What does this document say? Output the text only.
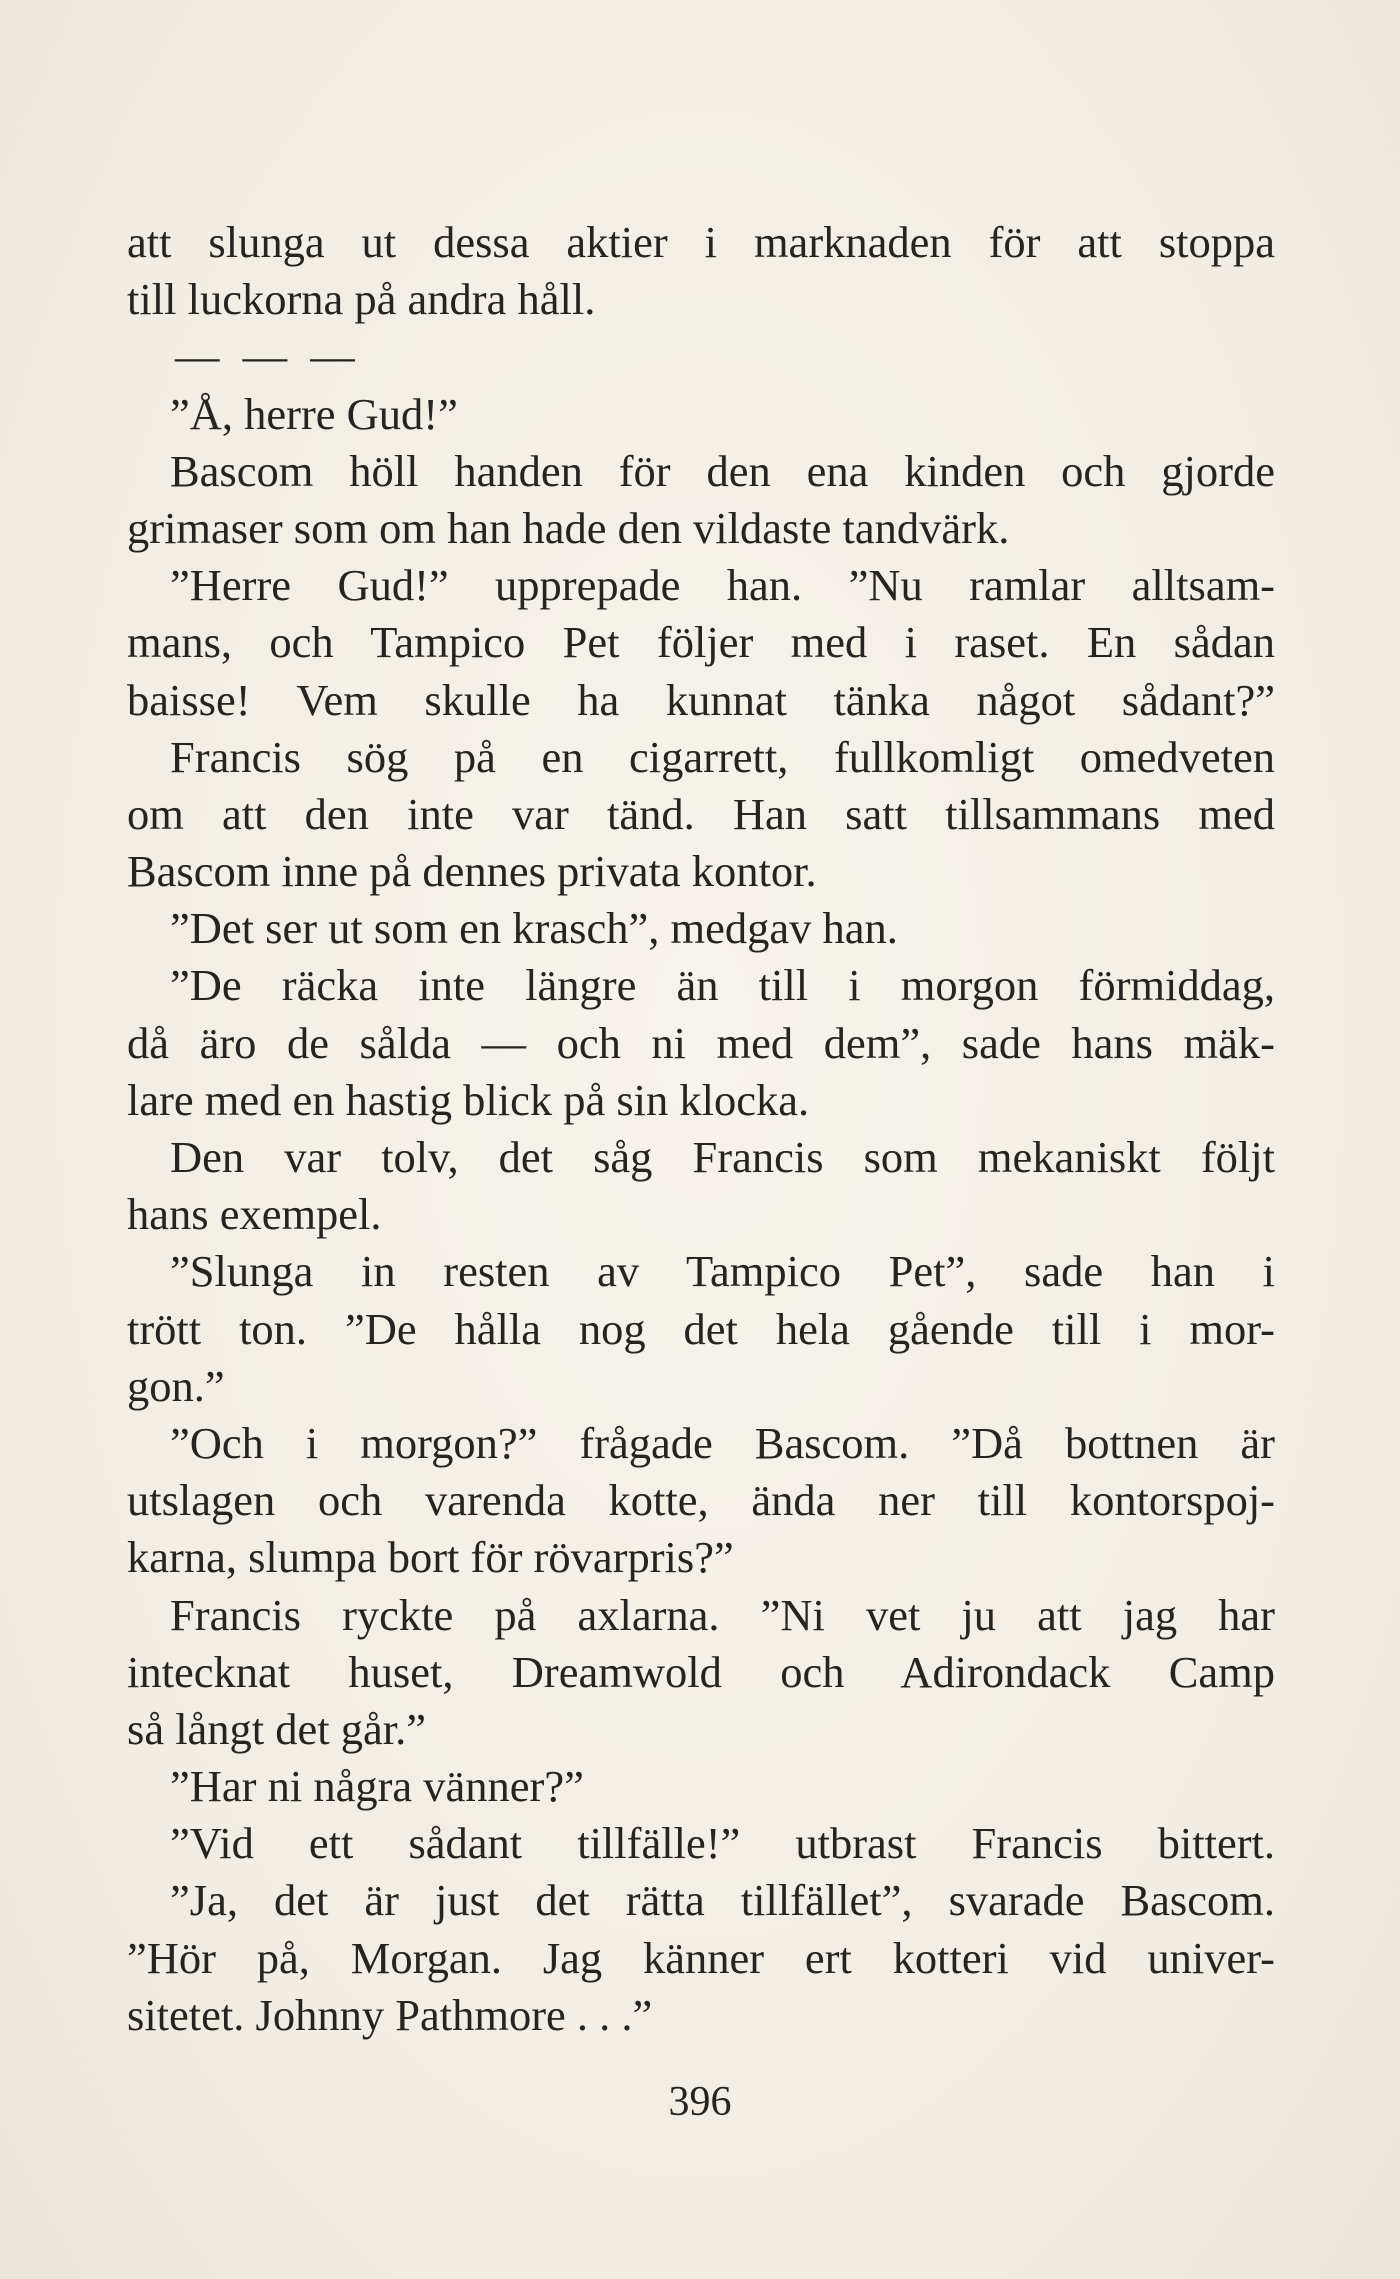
att slunga ut dessa aktier i marknaden för att stoppa
till luckorna på andra håll.
— — —
”Å, herre Gud!”
Bascom höll handen för den ena kinden och gjorde
grimaser som om han hade den vildaste tandvärk.
”Herre Gud!” upprepade han. ”Nu ramlar alltsam-
mans, och Tampico Pet följer med i raset. En sådan
baisse! Vem skulle ha kunnat tänka något sådant?”
Francis sög på en cigarrett, fullkomligt omedveten
om att den inte var tänd. Han satt tillsammans med
Bascom inne på dennes privata kontor.
”Det ser ut som en krasch”, medgav han.
”De räcka inte längre än till i morgon förmiddag,
då äro de sålda — och ni med dem”, sade hans mäk-
lare med en hastig blick på sin klocka.
Den var tolv, det såg Francis som mekaniskt följt
hans exempel.
”Slunga in resten av Tampico Pet”, sade han i
trött ton. ”De hålla nog det hela gående till i mor-
gon.”
”Och i morgon?” frågade Bascom. ”Då bottnen är
utslagen och varenda kotte, ända ner till kontorspoj-
karna, slumpa bort för rövarpris?”
Francis ryckte på axlarna. ”Ni vet ju att jag har
intecknat huset, Dreamwold och Adirondack Camp
så långt det går.”
”Har ni några vänner?”
”Vid ett sådant tillfälle!” utbrast Francis bittert.
”Ja, det är just det rätta tillfället”, svarade Bascom.
”Hör på, Morgan. Jag känner ert kotteri vid univer-
sitetet. Johnny Pathmore . . .”
396
